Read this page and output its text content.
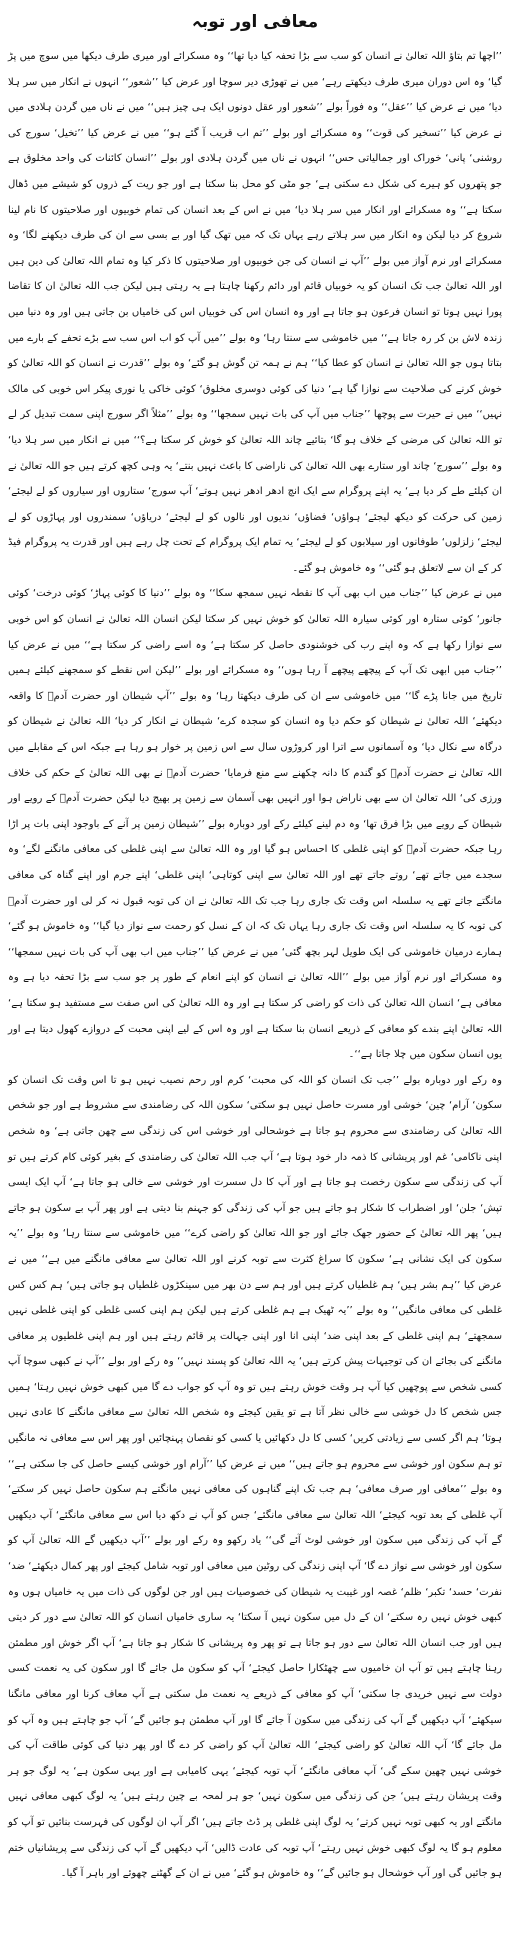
معافی اور توبہ

’’اچھا تم بتاؤ اللہ تعالیٰ نے انسان کو سب سے بڑا تحفہ کیا دیا تھا‘‘ وہ مسکرائے اور میری طرف دیکھا میں سوچ میں پڑ گیا‘ وہ اس دوران میری طرف دیکھتے رہے‘ میں نے تھوڑی دیر سوچا اور عرض کیا ’’شعور‘‘ انہوں نے انکار میں سر ہلا دیا‘ میں نے عرض کیا ’’عقل‘‘ وہ فوراً بولے ’’شعور اور عقل دونوں ایک ہی چیز ہیں‘‘ میں نے ناں میں گردن ہلادی میں نے عرض کیا ’’تسخیر کی قوت‘‘ وہ مسکرائے اور بولے ’’تم اب قریب آ گئے ہو‘‘ میں نے عرض کیا ’’تخیل‘ سورج کی روشنی‘ پانی‘ خوراک اور جمالیاتی حس‘‘ انہوں نے ناں میں گردن ہلادی اور بولے ’’انسان کائنات کی واحد مخلوق ہے جو پتھروں کو ہیرے کی شکل دے سکتی ہے‘ جو مٹی کو محل بنا سکتا ہے اور جو ریت کے ذروں کو شیشے میں ڈھال سکتا ہے‘‘ وہ مسکرائے اور انکار میں سر ہلا دیا‘ میں نے اس کے بعد انسان کی تمام خوبیوں اور صلاحیتوں کا نام لینا شروع کر دیا لیکن وہ انکار میں سر ہلاتے رہے یہاں تک کہ میں تھک گیا اور بے بسی سے ان کی طرف دیکھنے لگا‘ وہ مسکرائے اور نرم آواز میں بولے ’’آپ نے انسان کی جن خوبیوں اور صلاحیتوں کا ذکر کیا وہ تمام اللہ تعالیٰ کی دین ہیں اور اللہ تعالیٰ جب تک انسان کو یہ خوبیاں قائم اور دائم رکھنا چاہتا ہے یہ رہتی ہیں لیکن جب اللہ تعالیٰ ان کا تقاضا پورا نہیں ہوتا تو انسان فرعون ہو جاتا ہے اور وہ انسان اس کی خوبیاں اس کی خامیاں بن جاتی ہیں اور وہ دنیا میں زندہ لاش بن کر رہ جاتا ہے‘‘ میں خاموشی سے سنتا رہا‘ وہ بولے ’’میں آپ کو اب اس سب سے بڑے تحفے کے بارے میں بتاتا ہوں جو اللہ تعالیٰ نے انسان کو عطا کیا‘‘ ہم نے ہمہ تن گوش ہو گئے‘ وہ بولے ’’قدرت نے انسان کو اللہ تعالیٰ کو خوش کرنے کی صلاحیت سے نوازا گیا ہے‘ دنیا کی کوئی دوسری مخلوق‘ کوئی خاکی یا نوری پیکر اس خوبی کی مالک نہیں‘‘ میں نے حیرت سے پوچھا ’’جناب میں آپ کی بات نہیں سمجھا‘‘ وہ بولے ’’مثلاً اگر سورج اپنی سمت تبدیل کر لے تو اللہ تعالیٰ کی مرضی کے خلاف ہو گا‘ بتائیے چاند اللہ تعالیٰ کو خوش کر سکتا ہے؟‘‘ میں نے انکار میں سر ہلا دیا‘ وہ بولے ’’سورج‘ چاند اور ستارے بھی اللہ تعالیٰ کی ناراضی کا باعث نہیں بنتے‘ یہ وہی کچھ کرتے ہیں جو اللہ تعالیٰ نے ان کیلئے طے کر دیا ہے‘ یہ اپنے پروگرام سے ایک انچ ادھر ادھر نہیں ہوتے‘ آپ سورج‘ ستاروں اور سیاروں کو لے لیجئے‘ زمین کی حرکت کو دیکھ لیجئے‘ ہواؤں‘ فضاؤں‘ ندیوں اور نالوں کو لے لیجئے‘ دریاؤں‘ سمندروں اور پہاڑوں کو لے لیجئے‘ زلزلوں‘ طوفانوں اور سیلابوں کو لے لیجئے‘ یہ تمام ایک پروگرام کے تحت چل رہے ہیں اور قدرت یہ پروگرام فیڈ کر کے ان سے لاتعلق ہو گئی‘‘ وہ خاموش ہو گئے۔

میں نے عرض کیا ’’جناب میں اب بھی آپ کا نقطہ نہیں سمجھ سکا‘‘ وہ بولے ’’دنیا کا کوئی پہاڑ‘ کوئی درخت‘ کوئی جانور‘ کوئی ستارہ اور کوئی سیارہ اللہ تعالیٰ کو خوش نہیں کر سکتا لیکن انسان اللہ تعالیٰ نے انسان کو اس خوبی سے نوازا رکھا ہے کہ وہ اپنے رب کی خوشنودی حاصل کر سکتا ہے‘ وہ اسے راضی کر سکتا ہے‘‘ میں نے عرض کیا ’’جناب میں ابھی تک آپ کے پیچھے پیچھے آ رہا ہوں‘‘ وہ مسکرائے اور بولے ’’لیکن اس نقطے کو سمجھنے کیلئے ہمیں تاریخ میں جانا پڑے گا‘‘ میں خاموشی سے ان کی طرف دیکھتا رہا‘ وہ بولے ’’آپ شیطان اور حضرت آدمؑ کا واقعہ دیکھئے‘ اللہ تعالیٰ نے شیطان کو حکم دیا وہ انسان کو سجدہ کرے‘ شیطان نے انکار کر دیا‘ اللہ تعالیٰ نے شیطان کو درگاہ سے نکال دیا‘ وہ آسمانوں سے اترا اور کروڑوں سال سے اس زمین پر خوار ہو رہا ہے جبکہ اس کے مقابلے میں اللہ تعالیٰ نے حضرت آدمؑ کو گندم کا دانہ چکھنے سے منع فرمایا‘ حضرت آدمؑ نے بھی اللہ تعالیٰ کے حکم کی خلاف ورزی کی‘ اللہ تعالیٰ ان سے بھی ناراض ہوا اور انہیں بھی آسمان سے زمین پر بھیج دیا لیکن حضرت آدمؑ کے رویے اور شیطان کے رویے میں بڑا فرق تھا‘ وہ دم لینے کیلئے رکے اور دوبارہ بولے ’’شیطان زمین پر آنے کے باوجود اپنی بات پر اڑا رہا جبکہ حضرت آدمؑ کو اپنی غلطی کا احساس ہو گیا اور وہ اللہ تعالیٰ سے اپنی غلطی کی معافی مانگنے لگے‘ وہ سجدے میں جاتے تھے‘ روتے جاتے تھے اور اللہ تعالیٰ سے اپنی کوتاہی‘ اپنی غلطی‘ اپنے جرم اور اپنے گناہ کی معافی مانگتے جاتے تھے یہ سلسلہ اس وقت تک جاری رہا جب تک اللہ تعالیٰ نے ان کی توبہ قبول نہ کر لی اور حضرت آدمؑ کی توبہ کا یہ سلسلہ اس وقت تک جاری رہا یہاں تک کہ ان کے نسل کو رحمت سے نواز دیا گیا‘‘ وہ خاموش ہو گئے‘ ہمارے درمیان خاموشی کی ایک طویل لہر بچھ گئی‘ میں نے عرض کیا ’’جناب میں اب بھی آپ کی بات نہیں سمجھا‘‘ وہ مسکرائے اور نرم آواز میں بولے ’’اللہ تعالیٰ نے انسان کو اپنے انعام کے طور پر جو سب سے بڑا تحفہ دیا ہے وہ معافی ہے‘ انسان اللہ تعالیٰ کی ذات کو راضی کر سکتا ہے اور وہ اللہ تعالیٰ کی اس صفت سے مستفید ہو سکتا ہے‘ اللہ تعالیٰ اپنے بندے کو معافی کے ذریعے انسان بنا سکتا ہے اور وہ اس کے لیے اپنی محبت کے دروازے کھول دیتا ہے اور یوں انسان سکون میں چلا جاتا ہے‘‘۔

وہ رکے اور دوبارہ بولے ’’جب تک انسان کو اللہ کی محبت‘ کرم اور رحم نصیب نہیں ہو تا اس وقت تک انسان کو سکون‘ آرام‘ چین‘ خوشی اور مسرت حاصل نہیں ہو سکتی‘ سکون اللہ کی رضامندی سے مشروط ہے اور جو شخص اللہ تعالیٰ کی رضامندی سے محروم ہو جاتا ہے خوشحالی اور خوشی اس کی زندگی سے چھن جاتی ہے‘ وہ شخص اپنی ناکامی‘ غم اور پریشانی کا ذمہ دار خود ہوتا ہے‘ آپ جب اللہ تعالیٰ کی رضامندی کے بغیر کوئی کام کرتے ہیں تو آپ کی زندگی سے سکون رخصت ہو جاتا ہے اور آپ کا دل سسرت اور خوشی سے خالی ہو جاتا ہے‘ آپ ایک ایسی تپش‘ جلن‘ اور اضطراب کا شکار ہو جاتے ہیں جو آپ کی زندگی کو جہنم بنا دیتی ہے اور پھر آپ بے سکون ہو جاتے ہیں‘ پھر اللہ تعالیٰ کے حضور جھک جائے اور جو اللہ تعالیٰ کو راضی کرے‘‘ میں خاموشی سے سنتا رہا‘ وہ بولے ’’یہ سکون کی ایک نشانی ہے‘ سکون کا سراغ کثرت سے توبہ کرنے اور اللہ تعالیٰ سے معافی مانگنے میں ہے‘‘ میں نے عرض کیا ’’ہم بشر ہیں‘ ہم غلطیاں کرتے ہیں اور ہم سے دن بھر میں سینکڑوں غلطیاں ہو جاتی ہیں‘ ہم کس کس غلطی کی معافی مانگیں‘‘ وہ بولے ’’یہ ٹھیک ہے ہم غلطی کرتے ہیں لیکن ہم اپنی کسی غلطی کو اپنی غلطی نہیں سمجھتے‘ ہم اپنی غلطی کے بعد اپنی ضد‘ اپنی انا اور اپنی جہالت پر قائم رہتے ہیں اور ہم اپنی غلطیوں پر معافی مانگنے کی بجائے ان کی توجیہات پیش کرتے ہیں‘ یہ اللہ تعالیٰ کو پسند نہیں‘‘ وہ رکے اور بولے ’’آپ نے کبھی سوچا آپ کسی شخص سے پوچھیں کیا آپ ہر وقت خوش رہتے ہیں تو وہ آپ کو جواب دے گا میں کبھی خوش نہیں رہتا‘ ہمیں جس شخص کا دل خوشی سے خالی نظر آتا ہے تو یقین کیجئے وہ شخص اللہ تعالیٰ سے معافی مانگنے کا عادی نہیں ہوتا‘ ہم اگر کسی سے زیادتی کریں‘ کسی کا دل دکھائیں یا کسی کو نقصان پہنچائیں اور پھر اس سے معافی نہ مانگیں تو ہم سکون اور خوشی سے محروم ہو جاتے ہیں‘‘ میں نے عرض کیا ’’آرام اور خوشی کیسے حاصل کی جا سکتی ہے‘‘ وہ بولے ’’معافی اور صرف معافی‘ ہم جب تک اپنے گناہوں کی معافی نہیں مانگتے ہم سکون حاصل نہیں کر سکتے‘ آپ غلطی کے بعد توبہ کیجئے‘ اللہ تعالیٰ سے معافی مانگئے‘ جس کو آپ نے دکھ دیا اس سے معافی مانگئے‘ آپ دیکھیں گے آپ کی زندگی میں سکون اور خوشی لوٹ آئے گی‘‘ یاد رکھو وہ رکے اور بولے ’’آپ دیکھیں گے اللہ تعالیٰ آپ کو سکون اور خوشی سے نواز دے گا‘ آپ اپنی زندگی کی روٹین میں معافی اور توبہ شامل کیجئے اور پھر کمال دیکھئے‘ ضد‘ نفرت‘ حسد‘ تکبر‘ ظلم‘ غصہ اور غیبت یہ شیطان کی خصوصیات ہیں اور جن لوگوں کی ذات میں یہ خامیاں ہوں وہ کبھی خوش نہیں رہ سکتے‘ ان کے دل میں سکون نہیں آ سکتا‘ یہ ساری خامیاں انسان کو اللہ تعالیٰ سے دور کر دیتی ہیں اور جب انسان اللہ تعالیٰ سے دور ہو جاتا ہے تو پھر وہ پریشانی کا شکار ہو جاتا ہے‘ آپ اگر خوش اور مطمئن رہنا چاہتے ہیں تو آپ ان خامیوں سے چھٹکارا حاصل کیجئے‘ آپ کو سکون مل جائے گا اور سکون کی یہ نعمت کسی دولت سے نہیں خریدی جا سکتی‘ آپ کو معافی کے ذریعے یہ نعمت مل سکتی ہے آپ معاف کرنا اور معافی مانگنا سیکھئے‘ آپ دیکھیں گے آپ کی زندگی میں سکون آ جائے گا اور آپ مطمئن ہو جائیں گے‘ آپ جو چاہتے ہیں وہ آپ کو مل جائے گا‘ آپ اللہ تعالیٰ کو راضی کیجئے‘ اللہ تعالیٰ آپ کو راضی کر دے گا اور پھر دنیا کی کوئی طاقت آپ کی خوشی نہیں چھین سکے گی‘ آپ معافی مانگئے‘ آپ توبہ کیجئے‘ یہی کامیابی ہے اور یہی سکون ہے‘ یہ لوگ جو ہر وقت پریشان رہتے ہیں‘ جن کی زندگی میں سکون نہیں‘ جو ہر لمحہ بے چین رہتے ہیں‘ یہ لوگ کبھی معافی نہیں مانگتے اور یہ کبھی توبہ نہیں کرتے‘ یہ لوگ اپنی غلطی پر ڈٹ جاتے ہیں‘ اگر آپ ان لوگوں کی فہرست بنائیں تو آپ کو معلوم ہو گا یہ لوگ کبھی خوش نہیں رہتے‘ آپ توبہ کی عادت ڈالیں‘ آپ دیکھیں گے آپ کی زندگی سے پریشانیاں ختم ہو جائیں گی اور آپ خوشحال ہو جائیں گے‘‘ وہ خاموش ہو گئے‘ میں نے ان کے گھٹنے چھوئے اور باہر آ گیا۔
